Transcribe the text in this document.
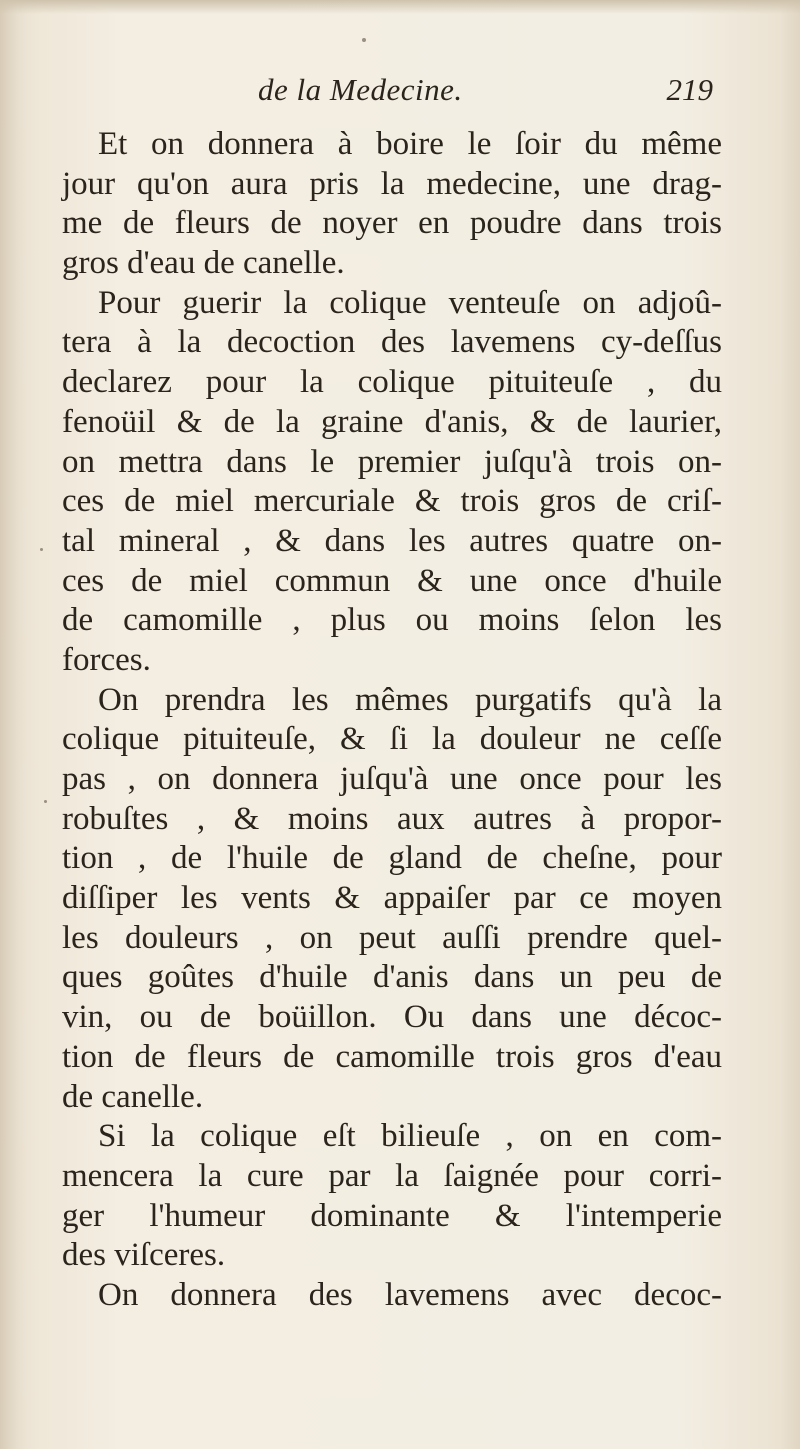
de la Medecine.	219
Et on donnera à boire le ſoir du même
jour qu'on aura pris la medecine, une drag-
me de fleurs de noyer en poudre dans trois
gros d'eau de canelle.
Pour guerir la colique venteuſe on adjoû-
tera à la decoction des lavemens cy-deſſus
declarez pour la colique pituiteuſe , du
fenoüil & de la graine d'anis, & de laurier,
on mettra dans le premier juſqu'à trois on-
ces de miel mercuriale & trois gros de criſ-
tal mineral , & dans les autres quatre on-
ces de miel commun & une once d'huile
de camomille , plus ou moins ſelon les
forces.
On prendra les mêmes purgatifs qu'à la
colique pituiteuſe, & ſi la douleur ne ceſſe
pas , on donnera juſqu'à une once pour les
robuſtes , & moins aux autres à propor-
tion , de l'huile de gland de cheſne, pour
diſſiper les vents & appaiſer par ce moyen
les douleurs , on peut auſſi prendre quel-
ques goûtes d'huile d'anis dans un peu de
vin, ou de boüillon. Ou dans une décoc-
tion de fleurs de camomille trois gros d'eau
de canelle.
Si la colique eſt bilieuſe , on en com-
mencera la cure par la ſaignée pour corri-
ger l'humeur dominante & l'intemperie
des viſceres.
On donnera des lavemens avec decoc-
